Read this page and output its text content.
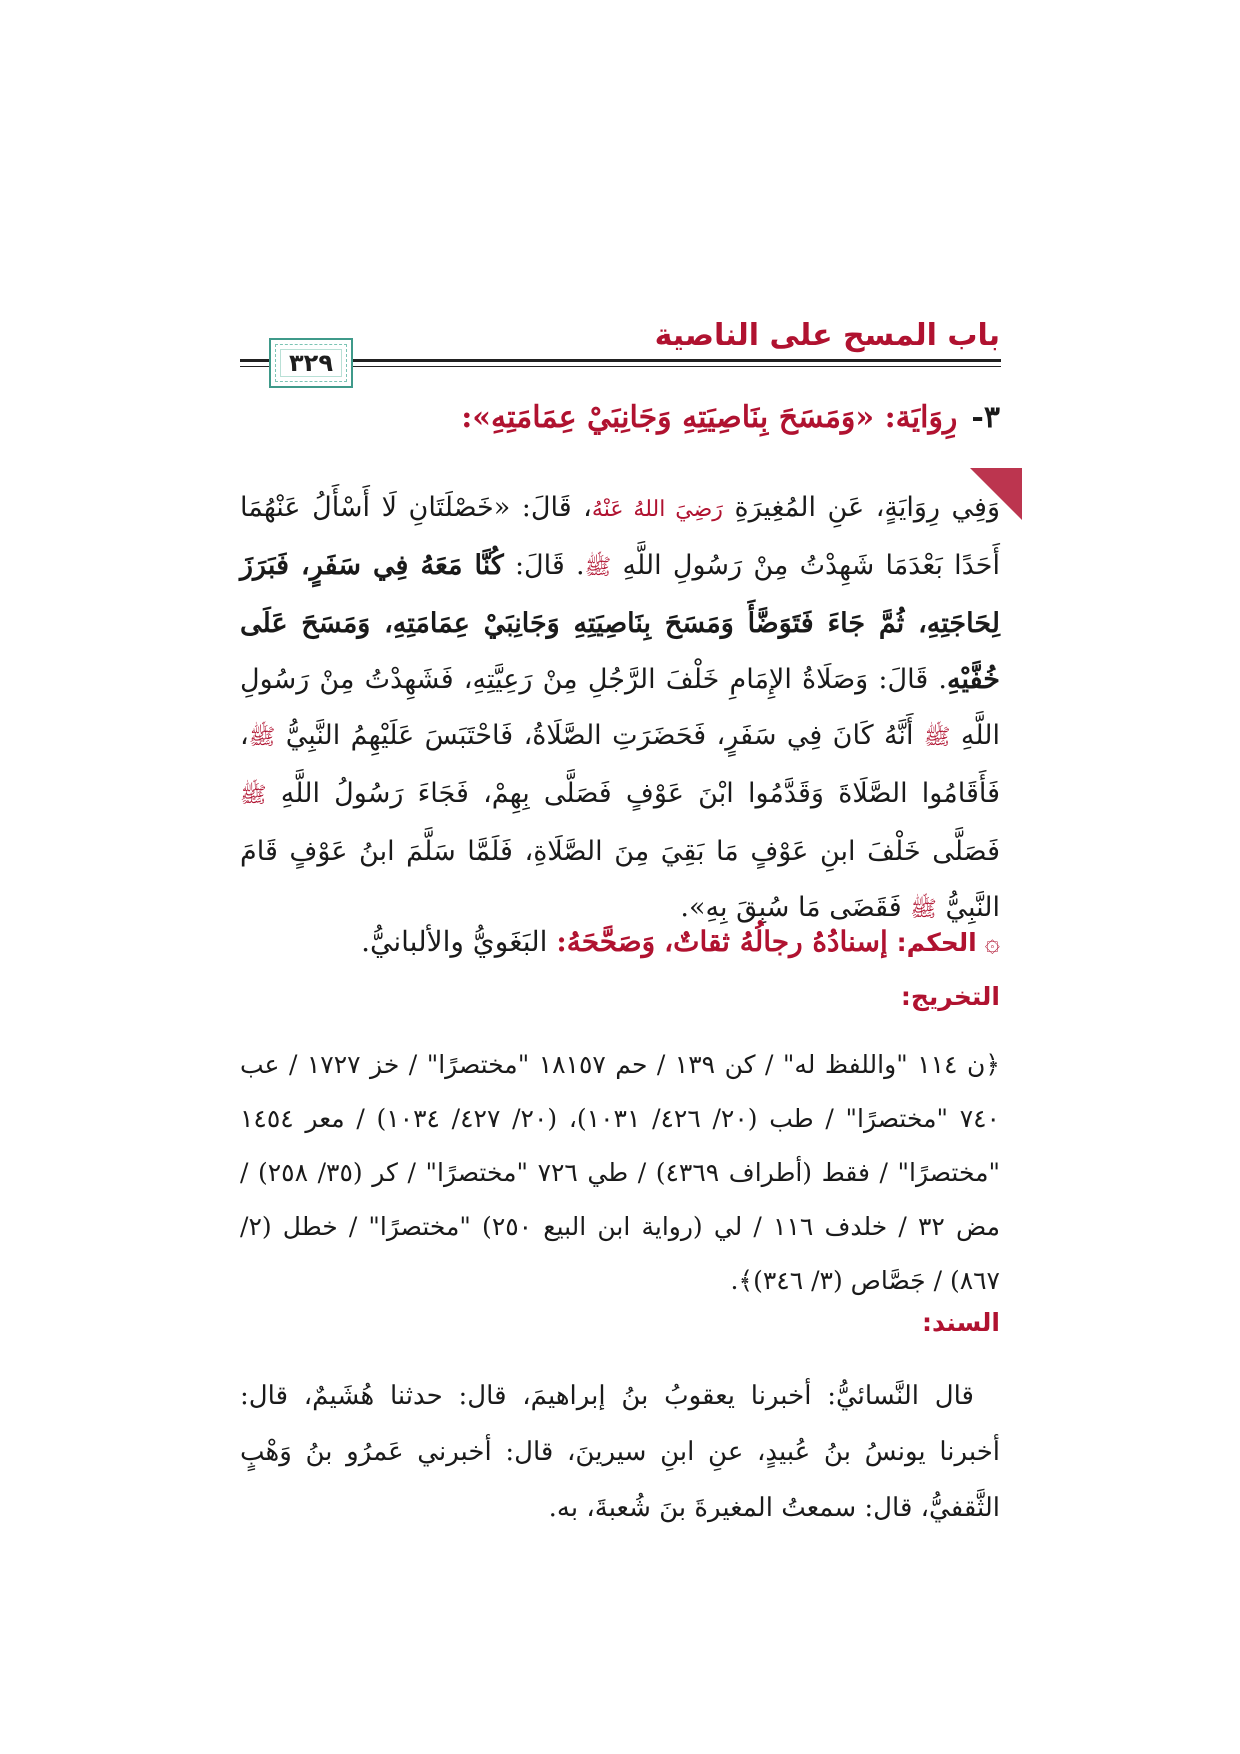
باب المسح على الناصية
٣٢٩
٣-رِوَايَة: «وَمَسَحَ بِنَاصِيَتِهِ وَجَانِبَيْ عِمَامَتِهِ»:

وَفِي رِوَايَةٍ، عَنِ المُغِيرَةِ رَضِيَ اللهُ عَنْهُ، قَالَ: «خَصْلَتَانِ لَا أَسْأَلُ عَنْهُمَا أَحَدًا بَعْدَمَا شَهِدْتُ مِنْ رَسُولِ اللَّهِ ﷺ. قَالَ: كُنَّا مَعَهُ فِي سَفَرٍ، فَبَرَزَ لِحَاجَتِهِ، ثُمَّ جَاءَ فَتَوَضَّأَ وَمَسَحَ بِنَاصِيَتِهِ وَجَانِبَيْ عِمَامَتِهِ، وَمَسَحَ عَلَى خُفَّيْهِ. قَالَ: وَصَلَاةُ الإِمَامِ خَلْفَ الرَّجُلِ مِنْ رَعِيَّتِهِ، فَشَهِدْتُ مِنْ رَسُولِ اللَّهِ ﷺ أَنَّهُ كَانَ فِي سَفَرٍ، فَحَضَرَتِ الصَّلَاةُ، فَاحْتَبَسَ عَلَيْهِمُ النَّبِيُّ ﷺ، فَأَقَامُوا الصَّلَاةَ وَقَدَّمُوا ابْنَ عَوْفٍ فَصَلَّى بِهِمْ، فَجَاءَ رَسُولُ اللَّهِ ﷺ فَصَلَّى خَلْفَ ابنِ عَوْفٍ مَا بَقِيَ مِنَ الصَّلَاةِ، فَلَمَّا سَلَّمَ ابنُ عَوْفٍ قَامَ النَّبِيُّ ﷺ فَقَضَى مَا سُبِقَ بِهِ».

۞الحكم: إسنادُهُ رجالُهُ ثقاتٌ، وَصَحَّحَهُ: البَغَويُّ والألبانيُّ.
التخريج:

﴿ن ١١٤ "واللفظ له" / كن ١٣٩ / حم ١٨١٥٧ "مختصرًا" / خز ١٧٢٧ / عب ٧٤٠ "مختصرًا" / طب (٢٠/ ٤٢٦/ ١٠٣١)، (٢٠/ ٤٢٧/ ١٠٣٤) / معر ١٤٥٤ "مختصرًا" / فقط (أطراف ٤٣٦٩) / طي ٧٢٦ "مختصرًا" / كر (٣٥/ ٢٥٨) / مض ٣٢ / خلدف ١١٦ / لي (رواية ابن البيع ٢٥٠) "مختصرًا" / خطل (٢/ ٨٦٧) / جَصَّاص (٣/ ٣٤٦)﴾.

السند:

قال النَّسائيُّ: أخبرنا يعقوبُ بنُ إبراهيمَ، قال: حدثنا هُشَيمٌ، قال: أخبرنا يونسُ بنُ عُبيدٍ، عنِ ابنِ سيرينَ، قال: أخبرني عَمرُو بنُ وَهْبٍ الثَّقفيُّ، قال: سمعتُ المغيرةَ بنَ شُعبةَ، به.
